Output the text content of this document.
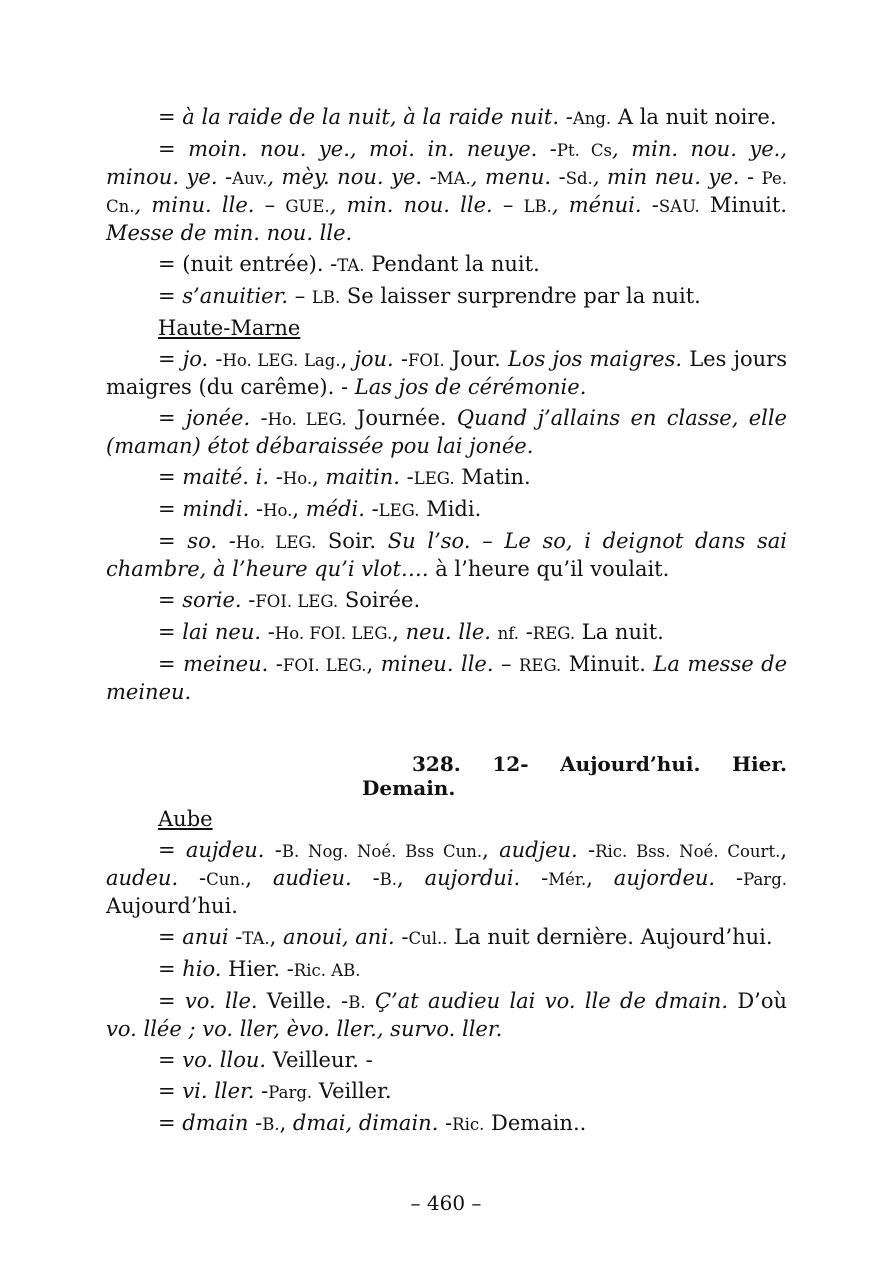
= à la raide de la nuit, à la raide nuit. -Ang. A la nuit noire.

= moin. nou. ye., moi. in. neuye. -Pt. Cs, min. nou. ye., minou. ye. -Auv., mèy. nou. ye. -MA., menu. -Sd., min neu. ye. - Pe. Cn., minu. lle. – GUE., min. nou. lle. – LB., ménui. -SAU. Minuit. Messe de min. nou. lle.

= (nuit entrée). -TA. Pendant la nuit.

= s’anuitier. – LB. Se laisser surprendre par la nuit.

Haute-Marne

= jo. -Ho. LEG. Lag., jou. -FOI. Jour. Los jos maigres. Les jours maigres (du carême). - Las jos de cérémonie.

= jonée. -Ho. LEG. Journée. Quand j’allains en classe, elle (maman) étot débaraissée pou lai jonée.

= maité. i. -Ho., maitin. -LEG. Matin.

= mindi. -Ho., médi. -LEG. Midi.

= so. -Ho. LEG. Soir. Su l’so. – Le so, i deignot dans sai chambre, à l’heure qu’i vlot…. à l’heure qu’il voulait.

= sorie. -FOI. LEG. Soirée.

= lai neu. -Ho. FOI. LEG., neu. lle. nf. -REG. La nuit.

= meineu. -FOI. LEG., mineu. lle. – REG. Minuit. La messe de meineu.

328. 12- Aujourd’hui. Hier.
Demain.

Aube

= aujdeu. -B. Nog. Noé. Bss Cun., audjeu. -Ric. Bss. Noé. Court., audeu. -Cun., audieu. -B., aujordui. -Mér., aujordeu. -Parg. Aujourd’hui.

= anui -TA., anoui, ani. -Cul.. La nuit dernière. Aujourd’hui.

= hio. Hier. -Ric. AB.

= vo. lle. Veille. -B. Ç’at audieu lai vo. lle de dmain. D’où vo. llée ; vo. ller, èvo. ller., survo. ller.

= vo. llou. Veilleur. -

= vi. ller. -Parg. Veiller.

= dmain -B., dmai, dimain. -Ric. Demain..

– 460 –
